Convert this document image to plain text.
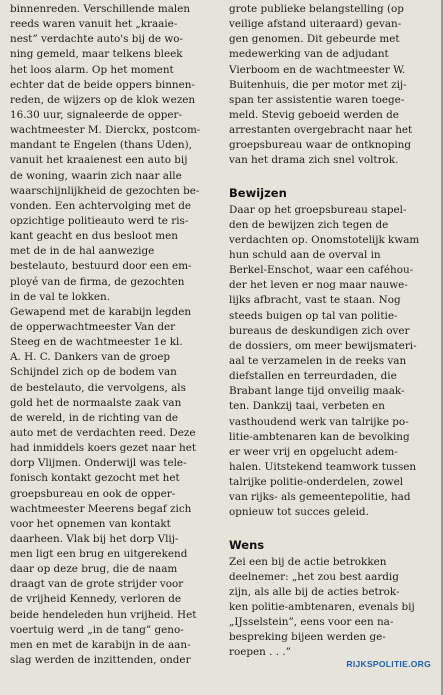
binnenreden. Verschillende malen
reeds waren vanuit het „kraaie-
nest” verdachte auto's bij de wo-
ning gemeld, maar telkens bleek
het loos alarm. Op het moment
echter dat de beide oppers binnen-
reden, de wijzers op de klok wezen
16.30 uur, signaleerde de opper-
wachtmeester M. Dierckx, postcom-
mandant te Engelen (thans Uden),
vanuit het kraaienest een auto bij
de woning, waarin zich naar alle
waarschijnlijkheid de gezochten be-
vonden. Een achtervolging met de
opzichtige politieauto werd te ris-
kant geacht en dus besloot men
met de in de hal aanwezige
bestelauto, bestuurd door een em-
ployé van de firma, de gezochten
in de val te lokken.
Gewapend met de karabijn legden
de opperwachtmeester Van der
Steeg en de wachtmeester 1e kl.
A. H. C. Dankers van de groep
Schijndel zich op de bodem van
de bestelauto, die vervolgens, als
gold het de normaalste zaak van
de wereld, in de richting van de
auto met de verdachten reed. Deze
had inmiddels koers gezet naar het
dorp Vlijmen. Onderwijl was tele-
fonisch kontakt gezocht met het
groepsbureau en ook de opper-
wachtmeester Meerens begaf zich
voor het opnemen van kontakt
daarheen. Vlak bij het dorp Vlij-
men ligt een brug en uitgerekend
daar op deze brug, die de naam
draagt van de grote strijder voor
de vrijheid Kennedy, verloren de
beide hendeleden hun vrijheid. Het
voertuig werd „in de tang” geno-
men en met de karabijn in de aan-
slag werden de inzittenden, onder
grote publieke belangstelling (op
veilige afstand uiteraard) gevan-
gen genomen. Dit gebeurde met
medewerking van de adjudant
Vierboom en de wachtmeester W.
Buitenhuis, die per motor met zij-
span ter assistentie waren toege-
meld. Stevig geboeid werden de
arrestanten overgebracht naar het
groepsbureau waar de ontknoping
van het drama zich snel voltrok.
Bewijzen
Daar op het groepsbureau stapel-
den de bewijzen zich tegen de
verdachten op. Onomstotelijk kwam
hun schuld aan de overval in
Berkel-Enschot, waar een caféhou-
der het leven er nog maar nauwe-
lijks afbracht, vast te staan. Nog
steeds buigen op tal van politie-
bureaus de deskundigen zich over
de dossiers, om meer bewijsmateri-
aal te verzamelen in de reeks van
diefstallen en terreurdaden, die
Brabant lange tijd onveilig maak-
ten. Dankzij taai, verbeten en
vasthoudend werk van talrijke po-
litie-ambtenaren kan de bevolking
er weer vrij en opgelucht adem-
halen. Uitstekend teamwork tussen
talrijke politie-onderdelen, zowel
van rijks- als gemeentepolitie, had
opnieuw tot succes geleid.
Wens
Zei een bij de actie betrokken
deelnemer: „het zou best aardig
zijn, als alle bij de acties betrok-
ken politie-ambtenaren, evenals bij
„IJsselstein”, eens voor een na-
bespreking bijeen werden ge-
roepen . . .”
RIJKSPOLITIE.ORG
